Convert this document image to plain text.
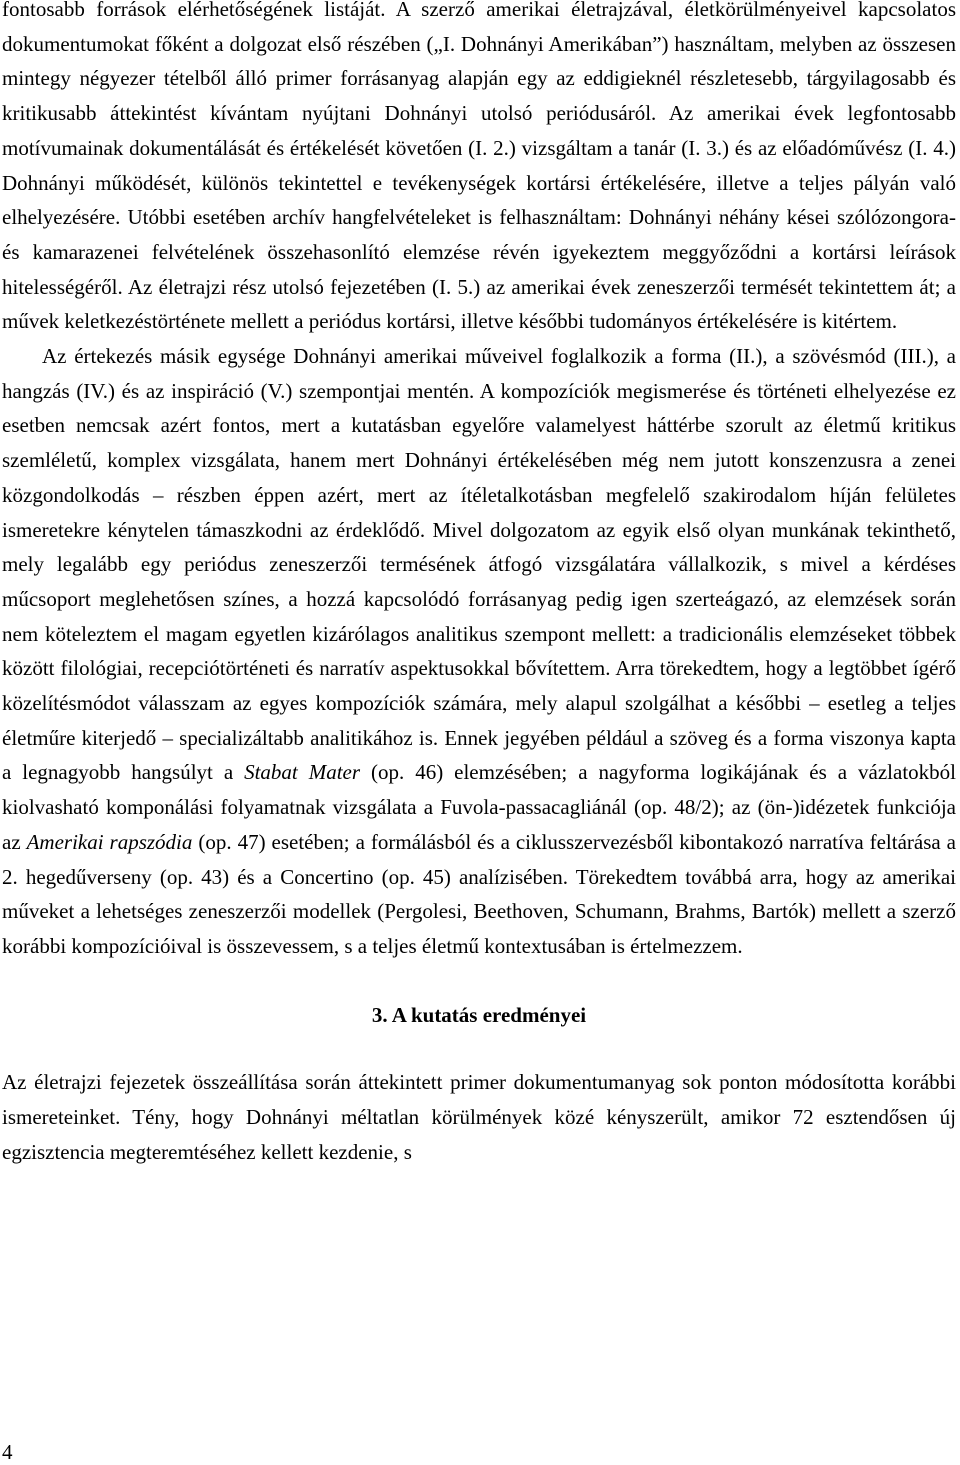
fontosabb források elérhetőségének listáját. A szerző amerikai életrajzával, életkörülményeivel kapcsolatos dokumentumokat főként a dolgozat első részében („I. Dohnányi Amerikában”) használtam, melyben az összesen mintegy négyezer tételből álló primer forrásanyag alapján egy az eddigieknél részletesebb, tárgyilagosabb és kritikusabb áttekintést kívántam nyújtani Dohnányi utolsó periódusáról. Az amerikai évek legfontosabb motívumainak dokumentálását és értékelését követően (I. 2.) vizsgáltam a tanár (I. 3.) és az előadóművész (I. 4.) Dohnányi működését, különös tekintettel e tevékenységek kortársi értékelésére, illetve a teljes pályán való elhelyezésére. Utóbbi esetében archív hangfelvételeket is felhasználtam: Dohnányi néhány kései szólózongora- és kamarazenei felvételének összehasonlító elemzése révén igyekeztem meggyőződni a kortársi leírások hitelességéről. Az életrajzi rész utolsó fejezetében (I. 5.) az amerikai évek zeneszerzői termését tekintettem át; a művek keletkezéstörténete mellett a periódus kortársi, illetve későbbi tudományos értékelésére is kitértem.

Az értekezés másik egysége Dohnányi amerikai műveivel foglalkozik a forma (II.), a szövésmód (III.), a hangzás (IV.) és az inspiráció (V.) szempontjai mentén. A kompozíciók megismerése és történeti elhelyezése ez esetben nemcsak azért fontos, mert a kutatásban egyelőre valamelyest háttérbe szorult az életmű kritikus szemléletű, komplex vizsgálata, hanem mert Dohnányi értékelésében még nem jutott konszenzusra a zenei közgondolkodás – részben éppen azért, mert az ítéletalkotásban megfelelő szakirodalom híján felületes ismeretekre kénytelen támaszkodni az érdeklődő. Mivel dolgozatom az egyik első olyan munkának tekinthető, mely legalább egy periódus zeneszerzői termésének átfogó vizsgálatára vállalkozik, s mivel a kérdéses műcsoport meglehetősen színes, a hozzá kapcsolódó forrásanyag pedig igen szerteágazó, az elemzések során nem köteleztem el magam egyetlen kizárólagos analitikus szempont mellett: a tradicionális elemzéseket többek között filológiai, recepciótörténeti és narratív aspektusokkal bővítettem. Arra törekedtem, hogy a legtöbbet ígérő közelítésmódot válasszam az egyes kompozíciók számára, mely alapul szolgálhat a későbbi – esetleg a teljes életműre kiterjedő – specializáltabb analitikához is. Ennek jegyében például a szöveg és a forma viszonya kapta a legnagyobb hangsúlyt a Stabat Mater (op. 46) elemzésében; a nagyforma logikájának és a vázlatokból kiolvasható komponálási folyamatnak vizsgálata a Fuvola-passacagliánál (op. 48/2); az (ön-)idézetek funkciója az Amerikai rapszódia (op. 47) esetében; a formálásból és a ciklusszervezésből kibontakozó narratíva feltárása a 2. hegedűverseny (op. 43) és a Concertino (op. 45) analízisében. Törekedtem továbbá arra, hogy az amerikai műveket a lehetséges zeneszerzői modellek (Pergolesi, Beethoven, Schumann, Brahms, Bartók) mellett a szerző korábbi kompozícióival is összevessem, s a teljes életmű kontextusában is értelmezzem.

3. A kutatás eredményei

Az életrajzi fejezetek összeállítása során áttekintett primer dokumentumanyag sok ponton módosította korábbi ismereteinket. Tény, hogy Dohnányi méltatlan körülmények közé kényszerült, amikor 72 esztendősen új egzisztencia megteremtéséhez kellett kezdenie, s

4
